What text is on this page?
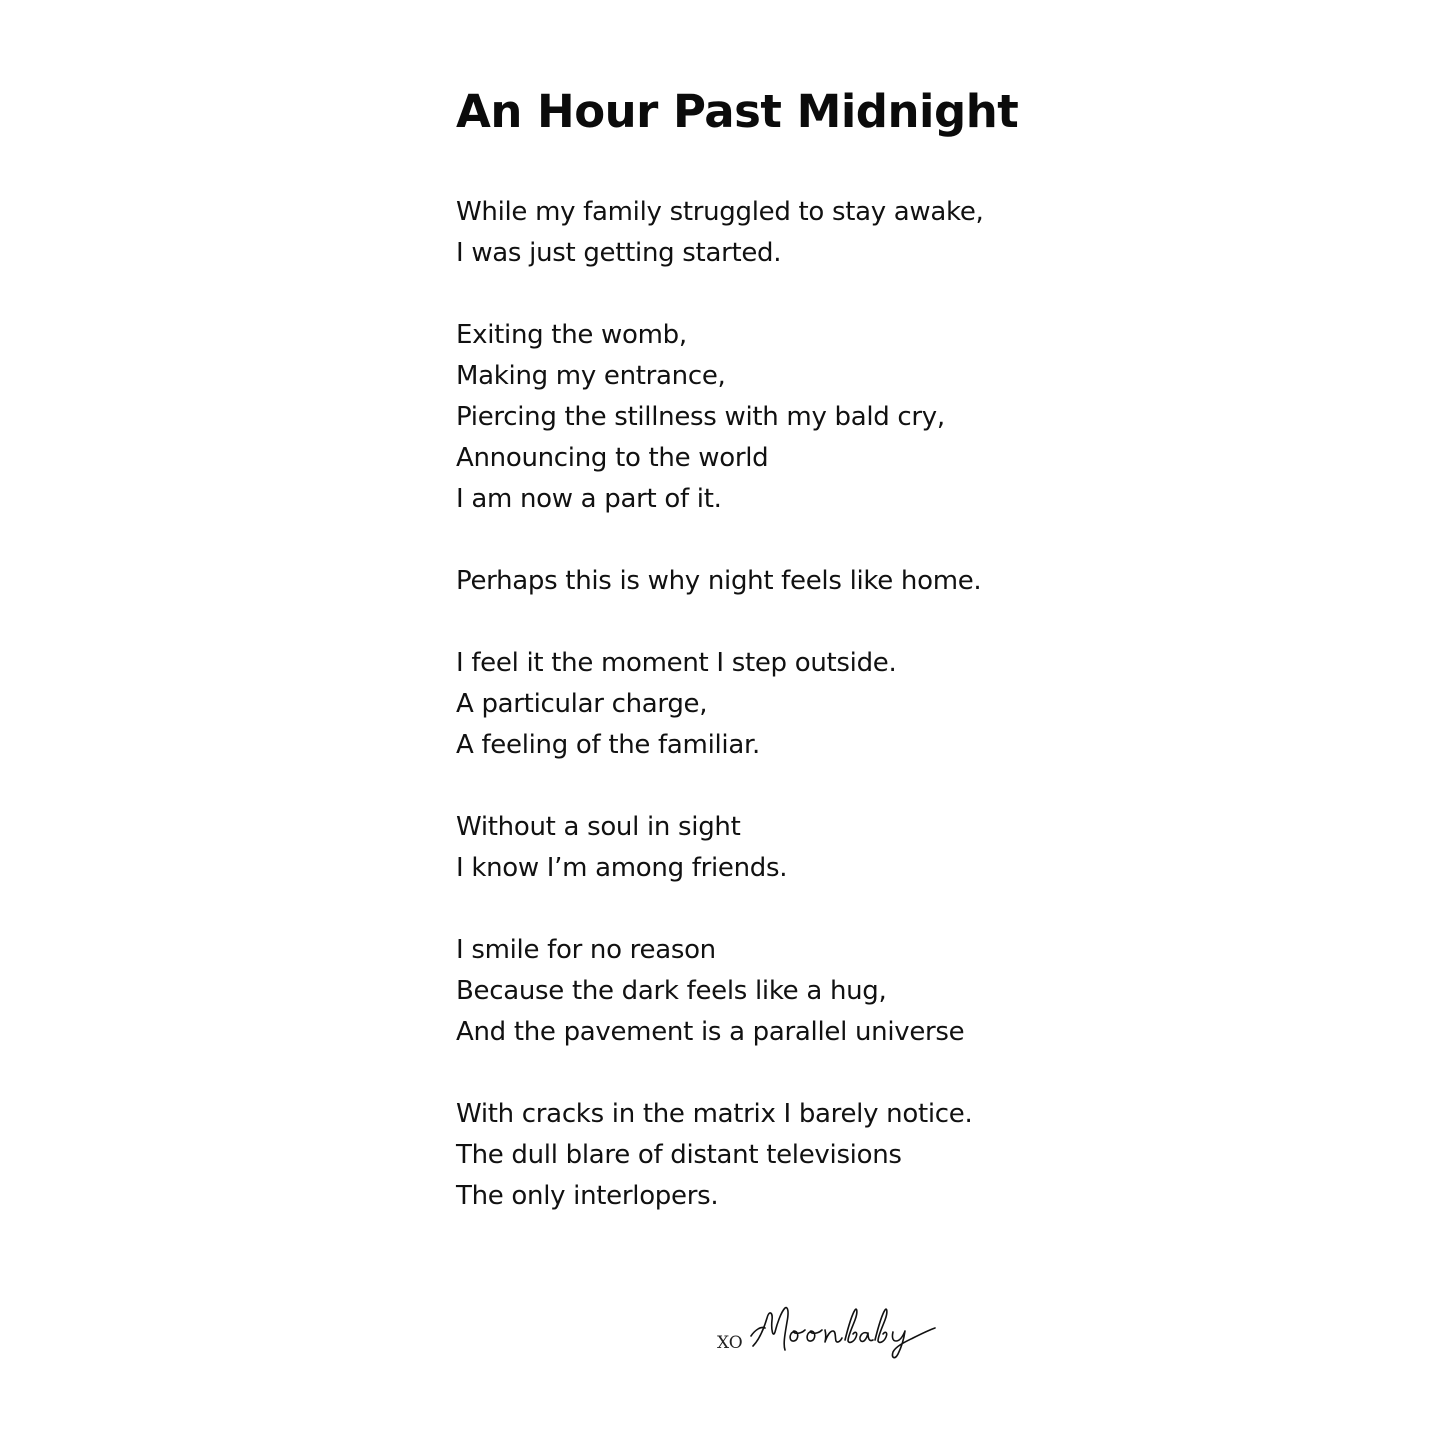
An Hour Past Midnight
While my family struggled to stay awake,
I was just getting started.
Exiting the womb,
Making my entrance,
Piercing the stillness with my bald cry,
Announcing to the world
I am now a part of it.
Perhaps this is why night feels like home.
I feel it the moment I step outside.
A particular charge,
A feeling of the familiar.
Without a soul in sight
I know I’m among friends.
I smile for no reason
Because the dark feels like a hug,
And the pavement is a parallel universe
With cracks in the matrix I barely notice.
The dull blare of distant televisions
The only interlopers.
XO
Moonbaby
